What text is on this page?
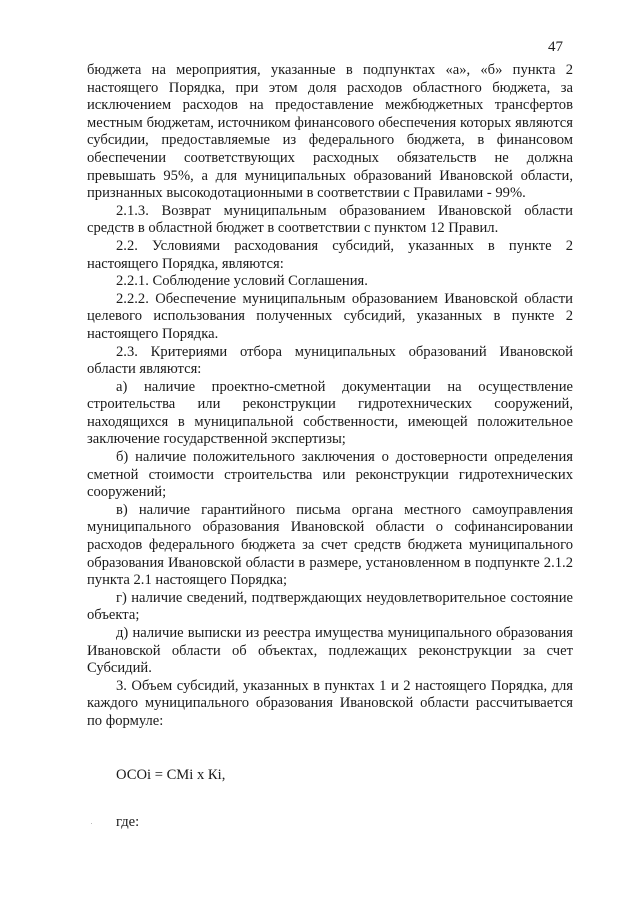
47

бюджета на мероприятия, указанные в подпунктах «а», «б» пункта 2 настоящего Порядка, при этом доля расходов областного бюджета, за исключением расходов на предоставление межбюджетных трансфертов местным бюджетам, источником финансового обеспечения которых являются субсидии, предоставляемые из федерального бюджета, в финансовом обеспечении соответствующих расходных обязательств не должна превышать 95%, а для муниципальных образований Ивановской области, признанных высокодотационными в соответствии с Правилами - 99%.

2.1.3. Возврат муниципальным образованием Ивановской области средств в областной бюджет в соответствии с пунктом 12 Правил.

2.2. Условиями расходования субсидий, указанных в пункте 2 настоящего Порядка, являются:

2.2.1. Соблюдение условий Соглашения.

2.2.2. Обеспечение муниципальным образованием Ивановской области целевого использования полученных субсидий, указанных в пункте 2 настоящего Порядка.

2.3. Критериями отбора муниципальных образований Ивановской области являются:

а) наличие проектно-сметной документации на осуществление строительства или реконструкции гидротехнических сооружений, находящихся в муниципальной собственности, имеющей положительное заключение государственной экспертизы;

б) наличие положительного заключения о достоверности определения сметной стоимости строительства или реконструкции гидротехнических сооружений;

в) наличие гарантийного письма органа местного самоуправления муниципального образования Ивановской области о софинансировании расходов федерального бюджета за счет средств бюджета муниципального образования Ивановской области в размере, установленном в подпункте 2.1.2 пункта 2.1 настоящего Порядка;

г) наличие сведений, подтверждающих неудовлетворительное состояние объекта;

д) наличие выписки из реестра имущества муниципального образования Ивановской области об объектах, подлежащих реконструкции за счет Субсидий.

3. Объем субсидий, указанных в пунктах 1 и 2 настоящего Порядка, для каждого муниципального образования Ивановской области рассчитывается по формуле:

ОСОi = СМi x Кi,

где:
